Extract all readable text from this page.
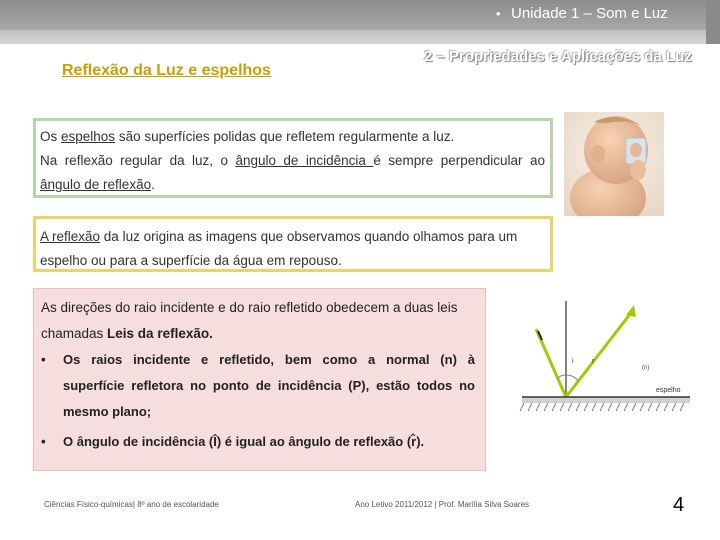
• Unidade 1 – Som e Luz
Reflexão da Luz e espelhos
2 – Propriedades e Aplicações da Luz
Os espelhos são superfícies polidas que refletem regularmente a luz.
Na reflexão regular da luz, o ângulo de incidência é sempre perpendicular ao
ângulo de reflexão.
A reflexão da luz origina as imagens que observamos quando olhamos para um
espelho ou para a superfície da água em repouso.
As direções do raio incidente e do raio refletido obedecem a duas leis
chamadas Leis da reflexão.
•	Os raios incidente e refletido, bem como a normal (n) à
superfície refletora no ponto de incidência (P), estão todos no
mesmo plano;
•	O ângulo de incidência (Î) é igual ao ângulo de reflexão (r̂).
i	r
(n)
espelho
Ciências Físico-químicas| 8º ano de escolaridade	Ano Letivo 2011/2012 | Prof. Marília Silva Soares	4
